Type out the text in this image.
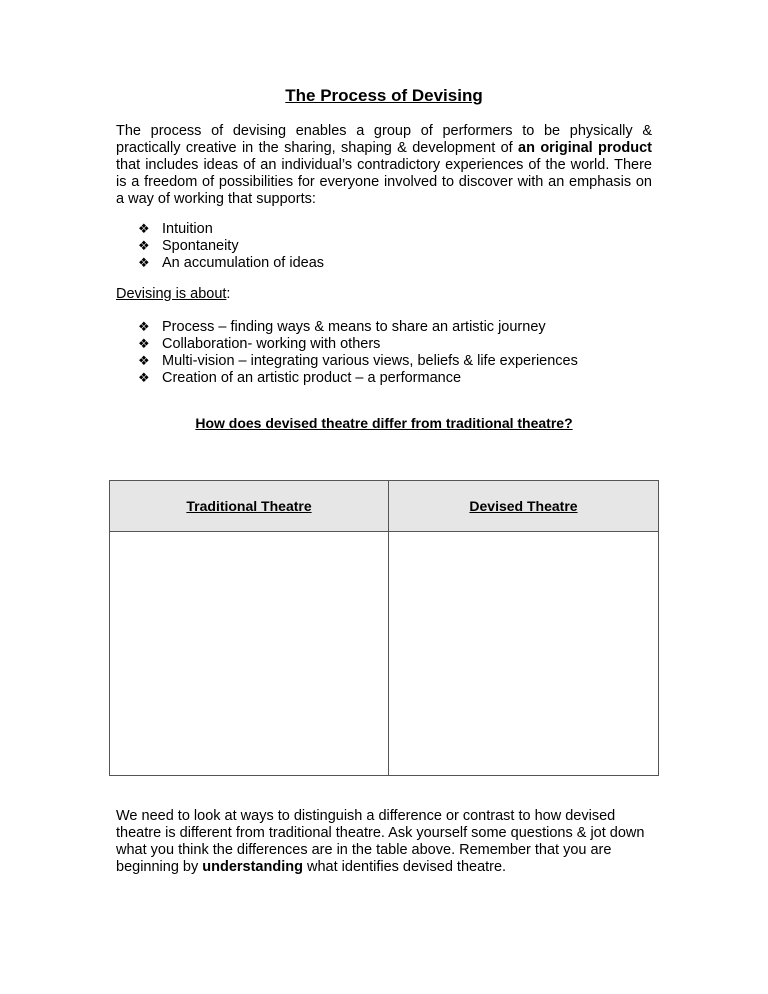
The Process of Devising

The process of devising enables a group of performers to be physically & practically creative in the sharing, shaping & development of an original product that includes ideas of an individual’s contradictory experiences of the world. There is a freedom of possibilities for everyone involved to discover with an emphasis on a way of working that supports:

❖ Intuition
❖ Spontaneity
❖ An accumulation of ideas

Devising is about:

❖ Process – finding ways & means to share an artistic journey
❖ Collaboration- working with others
❖ Multi-vision – integrating various views, beliefs & life experiences
❖ Creation of an artistic product – a performance

How does devised theatre differ from traditional theatre?

Traditional Theatre	Devised Theatre

We need to look at ways to distinguish a difference or contrast to how devised theatre is different from traditional theatre. Ask yourself some questions & jot down what you think the differences are in the table above. Remember that you are beginning by understanding what identifies devised theatre.
